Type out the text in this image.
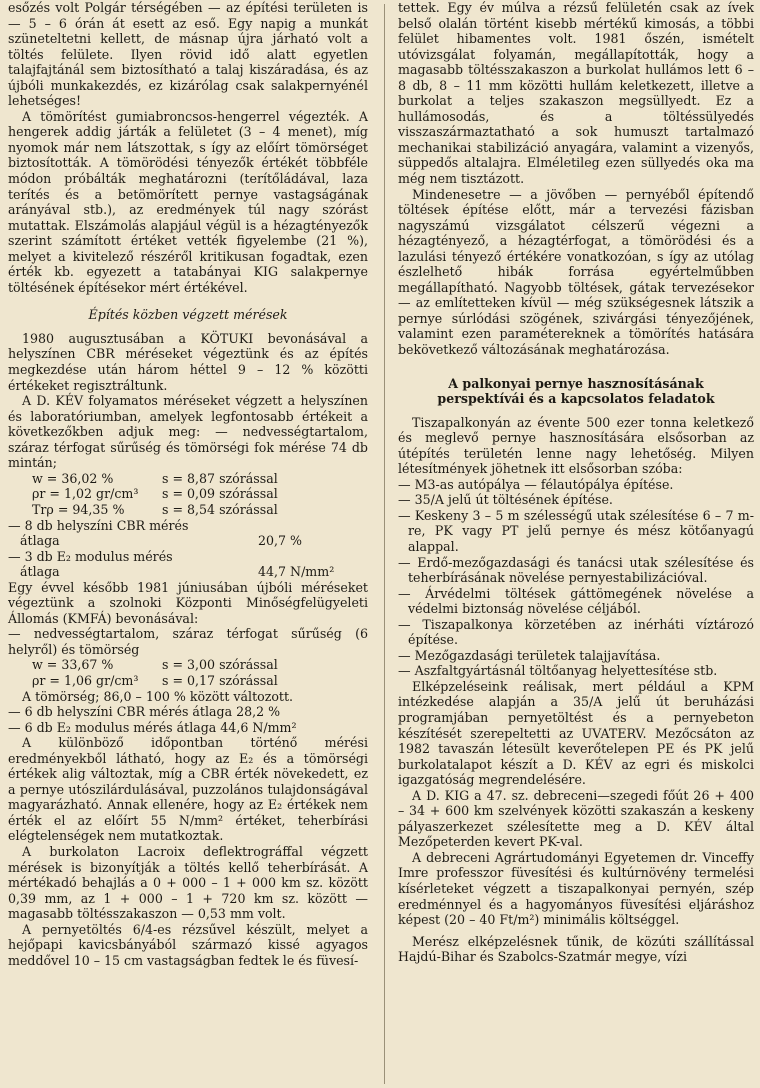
esőzés volt Polgár térségében — az építési területen is — 5 – 6 órán át esett az eső. Egy napig a munkát szüneteltetni kellett, de másnap újra járható volt a töltés felülete. Ilyen rövid idő alatt egyetlen talajfajtánál sem biztosítható a talaj kiszáradása, és az újbóli munkakezdés, ez kizárólag csak salakpernyénél lehetséges!

A tömörítést gumiabroncsos-hengerrel végezték. A hengerek addig járták a felületet (3 – 4 menet), míg nyomok már nem látszottak, s így az előírt tömörséget biztosították. A tömörödési tényezők értékét többféle módon próbálták meghatározni (terítőládával, laza terítés és a betömörített pernye vastagságának arányával stb.), az eredmények túl nagy szórást mutattak. Elszámolás alapjául végül is a hézagtényezők szerint számított értéket vették figyelembe (21 %), melyet a kivitelező részéről kritikusan fogadtak, ezen érték kb. egyezett a tatabányai KIG salakpernye töltésének építésekor mért értékével.

Építés közben végzett mérések

1980 augusztusában a KÖTUKI bevonásával a helyszínen CBR méréseket végeztünk és az építés megkezdése után három héttel 9 – 12 % közötti értékeket regisztráltunk.

A D. KÉV folyamatos méréseket végzett a helyszínen és laboratóriumban, amelyek legfontosabb értékeit a következőkben adjuk meg: — nedvességtartalom, száraz térfogat sűrűség és tömörségi fok mérése 74 db mintán;

w = 36,02 %	s = 8,87 szórással
ρr = 1,02 gr/cm³	s = 0,09 szórással
Trρ = 94,35 %	s = 8,54 szórással

— 8 db helyszíni CBR mérés

átlaga	20,7 %

— 3 db E₂ modulus mérés

átlaga	44,7 N/mm²

Egy évvel később 1981 júniusában újbóli méréseket végeztünk a szolnoki Központi Minőségfelügyeleti Állomás (KMFÁ) bevonásával:

— nedvességtartalom, száraz térfogat sűrűség (6 helyről) és tömörség

w = 33,67 %	s = 3,00 szórással
ρr = 1,06 gr/cm³	s = 0,17 szórással

A tömörség; 86,0 – 100 % között változott.

— 6 db helyszíni CBR mérés átlaga 28,2 %

— 6 db E₂ modulus mérés átlaga 44,6 N/mm²

A különböző időpontban történő mérési eredményekből látható, hogy az E₂ és a tömörségi értékek alig változtak, míg a CBR érték növekedett, ez a pernye utószilárdulásával, puzzolános tulajdonságával magyarázható. Annak ellenére, hogy az E₂ értékek nem érték el az előírt 55 N/mm² értéket, teherbírási elégtelenségek nem mutatkoztak.

A burkolaton Lacroix deflektrográffal végzett mérések is bizonyítják a töltés kellő teherbírását. A mértékadó behajlás a 0 + 000 – 1 + 000 km sz. között 0,39 mm, az 1 + 000 – 1 + 720 km sz. között — magasabb töltésszakaszon — 0,53 mm volt.

A pernyetöltés 6/4-es rézsűvel készült, melyet a hejőpapi kavicsbányából származó kissé agyagos meddővel 10 – 15 cm vastagságban fedtek le és füvesí-

tettek. Egy év múlva a rézsű felületén csak az ívek belső olalán történt kisebb mértékű kimosás, a többi felület hibamentes volt. 1981 őszén, ismételt utóvizsgálat folyamán, megállapították, hogy a magasabb töltésszakaszon a burkolat hullámos lett 6 – 8 db, 8 – 11 mm közötti hullám keletkezett, illetve a burkolat a teljes szakaszon megsüllyedt. Ez a hullámosodás, és a töltéssülyedés visszaszármaztatható a sok humuszt tartalmazó mechanikai stabilizáció anyagára, valamint a vizenyős, süppedős altalajra. Elméletileg ezen süllyedés oka ma még nem tisztázott.

Mindenesetre — a jövőben — pernyéből építendő töltések építése előtt, már a tervezési fázisban nagyszámú vizsgálatot célszerű végezni a hézagtényező, a hézagtérfogat, a tömörödési és a lazulási tényező értékére vonatkozóan, s így az utólag észlelhető hibák forrása egyértelműbben megállapítható. Nagyobb töltések, gátak tervezésekor — az említetteken kívül — még szükségesnek látszik a pernye súrlódási szögének, szivárgási tényezőjének, valamint ezen paramétereknek a tömörítés hatására bekövetkező változásának meghatározása.

A palkonyai pernye hasznosításának
perspektívái és a kapcsolatos feladatok

Tiszapalkonyán az évente 500 ezer tonna keletkező és meglevő pernye hasznosítására elsősorban az útépítés területén lenne nagy lehetőség. Milyen létesítmények jöhetnek itt elsősorban szóba:

— M3-as autópálya — félautópálya építése.

— 35/A jelű út töltésének építése.

— Keskeny 3 – 5 m szélességű utak szélesítése 6 – 7 m-re, PK vagy PT jelű pernye és mész kötőanyagú alappal.

— Erdő-mezőgazdasági és tanácsi utak szélesítése és teherbírásának növelése pernyestabilizációval.

— Árvédelmi töltések gáttömegének növelése a védelmi biztonság növelése céljából.

— Tiszapalkonya körzetében az inérháti víztározó építése.

— Mezőgazdasági területek talajjavítása.

— Aszfaltgyártásnál töltőanyag helyettesítése stb.

Elképzeléseink reálisak, mert például a KPM intézkedése alapján a 35/A jelű út beruházási programjában pernyetöltést és a pernyebeton készítését szerepeltetti az UVATERV. Mezőcsáton az 1982 tavaszán létesült keverőtelepen PE és PK jelű burkolatalapot készít a D. KÉV az egri és miskolci igazgatóság megrendelésére.

A D. KIG a 47. sz. debreceni—szegedi főút 26 + 400 – 34 + 600 km szelvények közötti szakaszán a keskeny pályaszerkezet szélesítette meg a D. KÉV által Mezőpeterden kevert PK-val.

A debreceni Agrártudományi Egyetemen dr. Vinceffy Imre professzor füvesítési és kultúrnövény termelési kísérleteket végzett a tiszapalkonyai pernyén, szép eredménnyel és a hagyományos füvesítési eljáráshoz képest (20 – 40 Ft/m²) minimális költséggel.

Merész elképzelésnek tűnik, de közúti szállítással Hajdú-Bihar és Szabolcs-Szatmár megye, vízi
